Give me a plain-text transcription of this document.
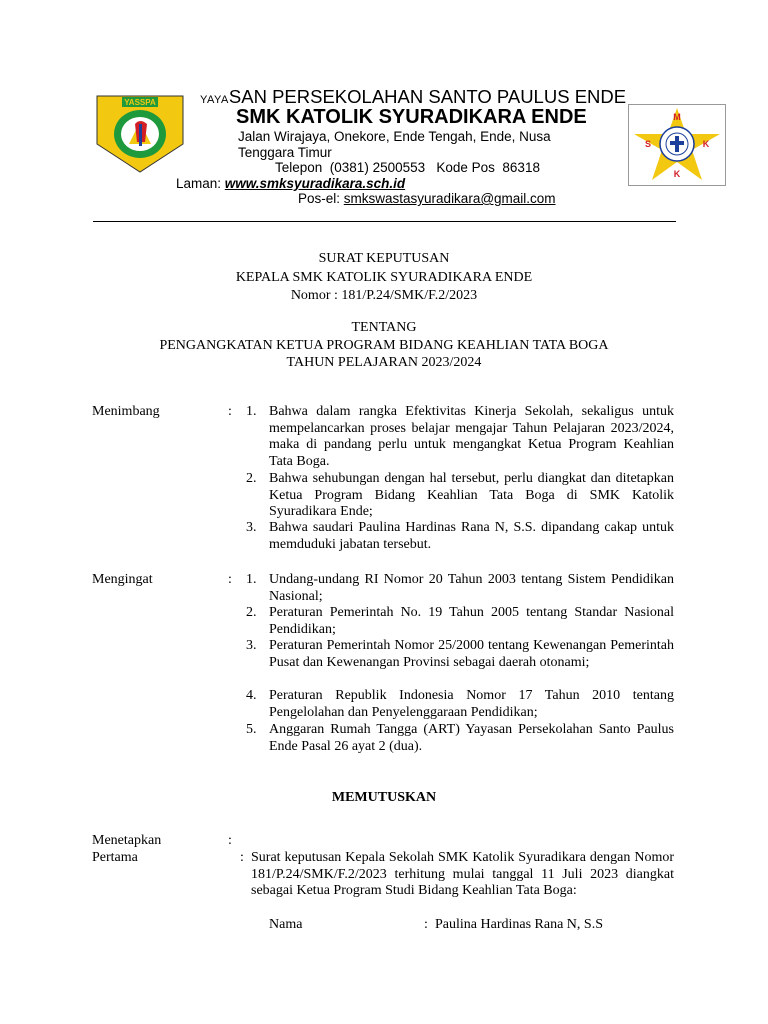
YASSPA	YAYASAN PERSEKOLAHAN SANTO PAULUS ENDE
SMK KATOLIK SYURADIKARA ENDE
Jalan Wirajaya, Onekore, Ende Tengah, Ende, Nusa
Tenggara Timur
Telepon  (0381) 2500553   Kode Pos  86318
Laman: www.smksyuradikara.sch.id
Pos-el: smkswastasyuradikara@gmail.com
M
S	K
K
SURAT KEPUTUSAN
KEPALA SMK KATOLIK SYURADIKARA ENDE
Nomor : 181/P.24/SMK/F.2/2023
TENTANG
PENGANGKATAN KETUA PROGRAM BIDANG KEAHLIAN TATA BOGA
TAHUN PELAJARAN 2023/2024
Menimbang	: 1. Bahwa dalam rangka Efektivitas Kinerja Sekolah, sekaligus untuk mempelancarkan proses belajar mengajar Tahun Pelajaran 2023/2024, maka di pandang perlu untuk mengangkat Ketua Program Keahlian Tata Boga.
2. Bahwa sehubungan dengan hal tersebut, perlu diangkat dan ditetapkan Ketua Program Bidang Keahlian Tata Boga di SMK Katolik Syuradikara Ende;
3. Bahwa saudari Paulina Hardinas Rana N, S.S. dipandang cakap untuk memduduki jabatan tersebut.
Mengingat	: 1. Undang-undang RI Nomor 20 Tahun 2003 tentang Sistem Pendidikan Nasional;
2. Peraturan Pemerintah No. 19 Tahun 2005 tentang Standar Nasional Pendidikan;
3. Peraturan Pemerintah Nomor 25/2000 tentang Kewenangan Pemerintah Pusat dan Kewenangan Provinsi sebagai daerah otonami;
4. Peraturan Republik Indonesia Nomor 17 Tahun 2010 tentang Pengelolahan dan Penyelenggaraan Pendidikan;
5. Anggaran Rumah Tangga (ART) Yayasan Persekolahan Santo Paulus Ende Pasal 26 ayat 2 (dua).
MEMUTUSKAN
Menetapkan	:
Pertama	: Surat keputusan Kepala Sekolah SMK Katolik Syuradikara dengan Nomor 181/P.24/SMK/F.2/2023 terhitung mulai tanggal 11 Juli 2023 diangkat sebagai Ketua Program Studi Bidang Keahlian Tata Boga:
Nama	: Paulina Hardinas Rana N, S.S
